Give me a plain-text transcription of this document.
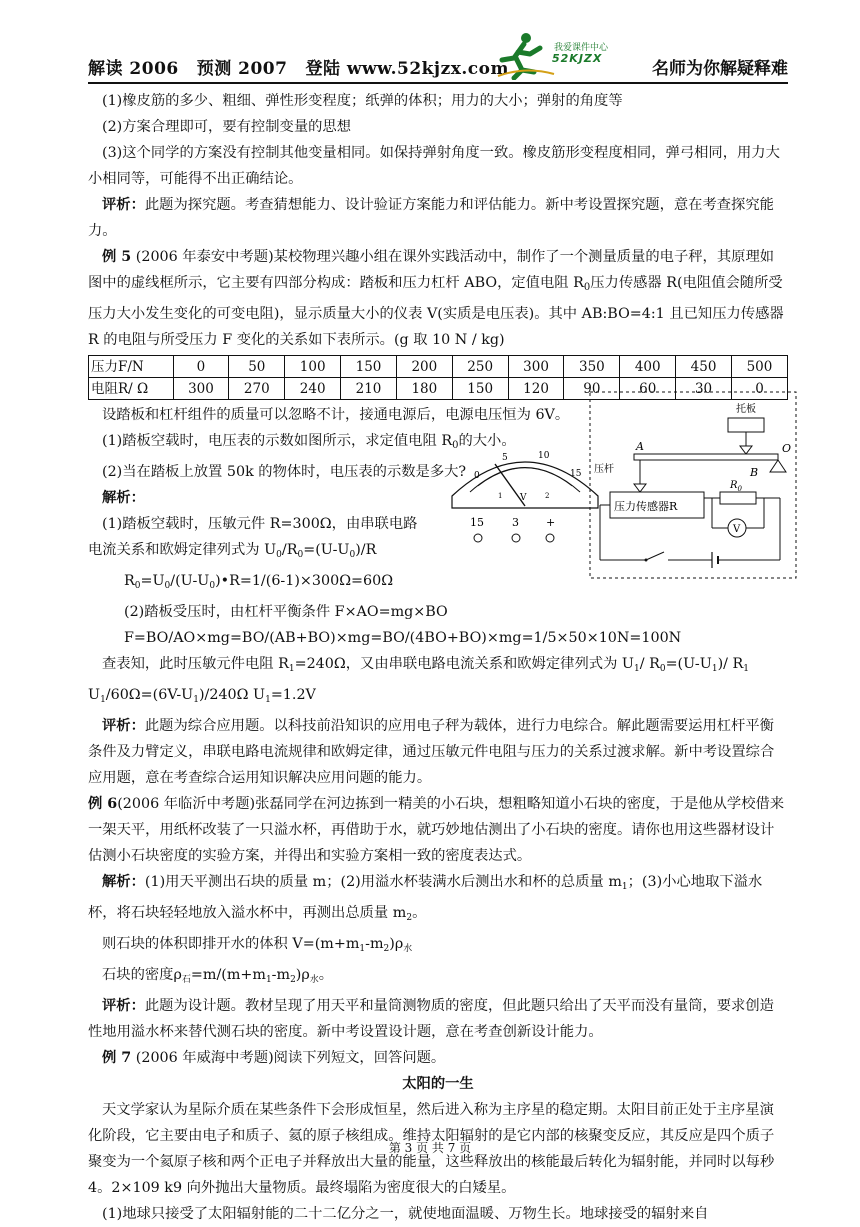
解读 2006 预测 2007 登陆 www.52kjzx.com
我爱课件中心
52KJZX
名师为你解疑释难

(1)橡皮筋的多少、粗细、弹性形变程度；纸弹的体积；用力的大小；弹射的角度等

(2)方案合理即可，要有控制变量的思想

(3)这个同学的方案没有控制其他变量相同。如保持弹射角度一致。橡皮筋形变程度相同，弹弓相同，用力大小相同等，可能得不出正确结论。

评析：此题为探究题。考查猜想能力、设计验证方案能力和评估能力。新中考设置探究题，意在考查探究能力。

例 5 (2006 年泰安中考题)某校物理兴趣小组在课外实践活动中，制作了一个测量质量的电子秤，其原理如图中的虚线框所示，它主要有四部分构成：踏板和压力杠杆 ABO，定值电阻 $R_0$压力传感器 R(电阻值会随所受压力大小发生变化的可变电阻)，显示质量大小的仪表 V(实质是电压表)。其中 AB:BO=4:1 且已知压力传感器 R 的电阻与所受压力 F 变化的关系如下表所示。(g 取 10 N / kg)

压力F/N	0	50	100	150	200	250	300	350	400	450	500
电阻R/ Ω	300	270	240	210	180	150	120	90	60	30	0

设踏板和杠杆组件的质量可以忽略不计，接通电源后，电源电压恒为 6V。

(1)踏板空载时，电压表的示数如图所示，求定值电阻 $R_0$的大小。

(2)当在踏板上放置 50k 的物体时，电压表的示数是多大?

解析：

(1)踏板空载时，压敏元件 R=300Ω，由串联电路

电流关系和欧姆定律列式为 $U_0/R_0=(U-U_0)/R$

$R_0=U_0/(U-U_0)•R=1/(6-1)\times 300\Omega=60\Omega$

(2)踏板受压时，由杠杆平衡条件 F×AO=mg×BO

F=BO/AO×mg=BO/(AB+BO)×mg=BO/(4BO+BO)×mg=1/5×50×10N=100N

查表知，此时压敏元件电阻 $R_1=240\Omega$，又由串联电路电流关系和欧姆定律列式为 $U_1/$ $R_0=(U-U_1)/$ $R_1$

$U_1/60\Omega=(6V-U_1)/240\Omega$ $U_1=1.2V$

评析：此题为综合应用题。以科技前沿知识的应用电子秤为载体，进行力电综合。解此题需要运用杠杆平衡条件及力臂定义，串联电路电流规律和欧姆定律，通过压敏元件电阻与压力的关系过渡求解。新中考设置综合应用题，意在考查综合运用知识解决应用问题的能力。

例 6(2006 年临沂中考题)张磊同学在河边拣到一精美的小石块，想粗略知道小石块的密度，于是他从学校借来一架天平，用纸杯改装了一只溢水杯，再借助于水，就巧妙地估测出了小石块的密度。请你也用这些器材设计估测小石块密度的实验方案，并得出和实验方案相一致的密度表达式。

解析：(1)用天平测出石块的质量 m；(2)用溢水杯装满水后测出水和杯的总质量 $m_1$；(3)小心地取下溢水杯，将石块轻轻地放入溢水杯中，再测出总质量 $m_2$。

则石块的体积即排开水的体积 $V=(m+m_1-m_2)\rho_水$

石块的密度$\rho_石=m/(m+m_1-m_2)\rho_水$。

评析：此题为设计题。教材呈现了用天平和量筒测物质的密度，但此题只给出了天平而没有量筒，要求创造性地用溢水杯来替代测石块的密度。新中考设置设计题，意在考查创新设计能力。

例 7 (2006 年威海中考题)阅读下列短文，回答问题。

太阳的一生

天文学家认为星际介质在某些条件下会形成恒星，然后进入称为主序星的稳定期。太阳目前正处于主序星演化阶段，它主要由电子和质子、氦的原子核组成。维持太阳辐射的是它内部的核聚变反应，其反应是四个质子聚变为一个氦原子核和两个正电子并释放出大量的能量，这些释放出的核能最后转化为辐射能，并同时以每秒 4。2×109 k9 向外抛出大量物质。最终塌陷为密度很大的白矮星。

(1)地球只接受了太阳辐射能的二十二亿分之一，就使地面温暖、万物生长。地球接受的辐射来自

0
5	10
15
1	2
V
15	3 +
托板
A
B
O
压杆
压力传感器R
$R_0$
V
第 3 页 共 7 页
